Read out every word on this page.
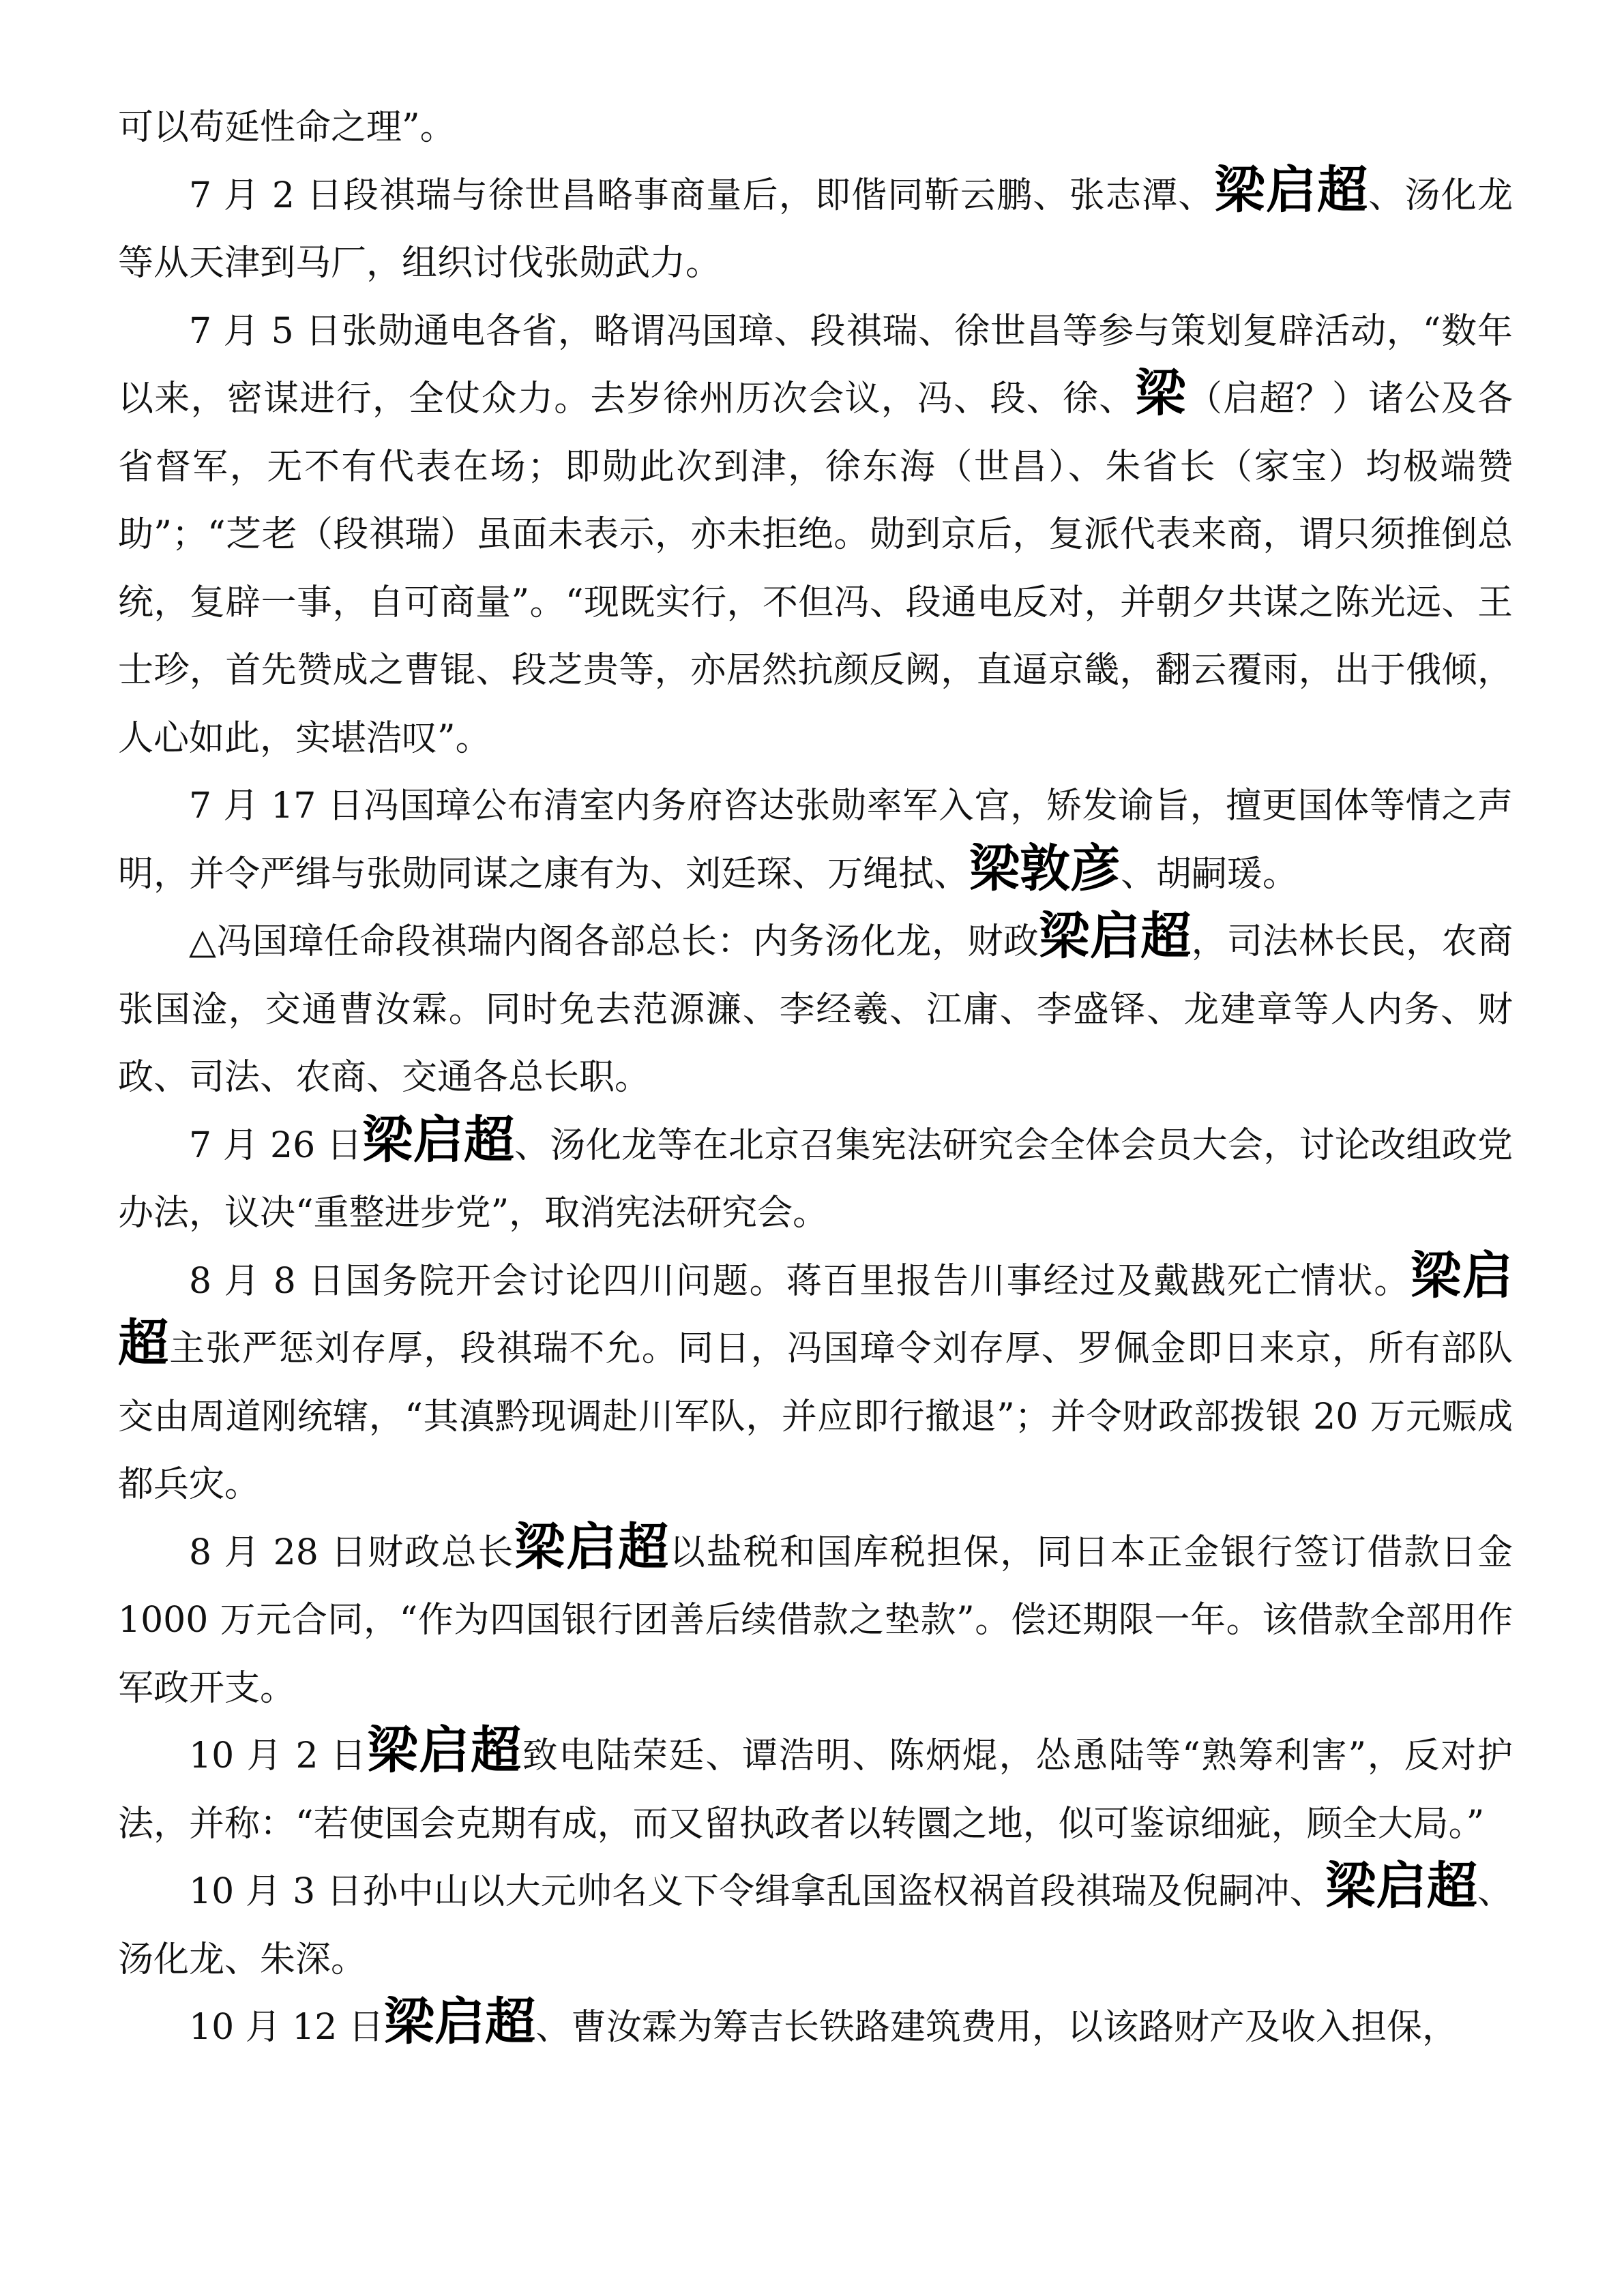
可以苟延性命之理”。

7 月 2 日段祺瑞与徐世昌略事商量后，即偕同靳云鹏、张志潭、梁启超、汤化龙等从天津到马厂，组织讨伐张勋武力。

7 月 5 日张勋通电各省，略谓冯国璋、段祺瑞、徐世昌等参与策划复辟活动，“数年以来，密谋进行，全仗众力。去岁徐州历次会议，冯、段、徐、梁（启超？）诸公及各省督军，无不有代表在场；即勋此次到津，徐东海（世昌）、朱省长（家宝）均极端赞助”；“芝老（段祺瑞）虽面未表示，亦未拒绝。勋到京后，复派代表来商，谓只须推倒总统，复辟一事，自可商量”。“现既实行，不但冯、段通电反对，并朝夕共谋之陈光远、王士珍，首先赞成之曹锟、段芝贵等，亦居然抗颜反阙，直逼京畿，翻云覆雨，出于俄倾，人心如此，实堪浩叹”。

7 月 17 日冯国璋公布清室内务府咨达张勋率军入宫，矫发谕旨，擅更国体等情之声明，并令严缉与张勋同谋之康有为、刘廷琛、万绳拭、梁敦彦、胡嗣瑗。

△冯国璋任命段祺瑞内阁各部总长：内务汤化龙，财政梁启超，司法林长民，农商张国淦，交通曹汝霖。同时免去范源濂、李经羲、江庸、李盛铎、龙建章等人内务、财政、司法、农商、交通各总长职。

7 月 26 日梁启超、汤化龙等在北京召集宪法研究会全体会员大会，讨论改组政党办法，议决“重整进步党”，取消宪法研究会。

8 月 8 日国务院开会讨论四川问题。蒋百里报告川事经过及戴戡死亡情状。梁启超主张严惩刘存厚，段祺瑞不允。同日，冯国璋令刘存厚、罗佩金即日来京，所有部队交由周道刚统辖，“其滇黔现调赴川军队，并应即行撤退”；并令财政部拨银 20 万元赈成都兵灾。

8 月 28 日财政总长梁启超以盐税和国库税担保，同日本正金银行签订借款日金 1000 万元合同，“作为四国银行团善后续借款之垫款”。偿还期限一年。该借款全部用作军政开支。

10 月 2 日梁启超致电陆荣廷、谭浩明、陈炳焜，怂恿陆等“熟筹利害”，反对护法，并称：“若使国会克期有成，而又留执政者以转圜之地，似可鉴谅细疵，顾全大局。”

10 月 3 日孙中山以大元帅名义下令缉拿乱国盗权祸首段祺瑞及倪嗣冲、梁启超、汤化龙、朱深。

10 月 12 日梁启超、曹汝霖为筹吉长铁路建筑费用，以该路财产及收入担保，
